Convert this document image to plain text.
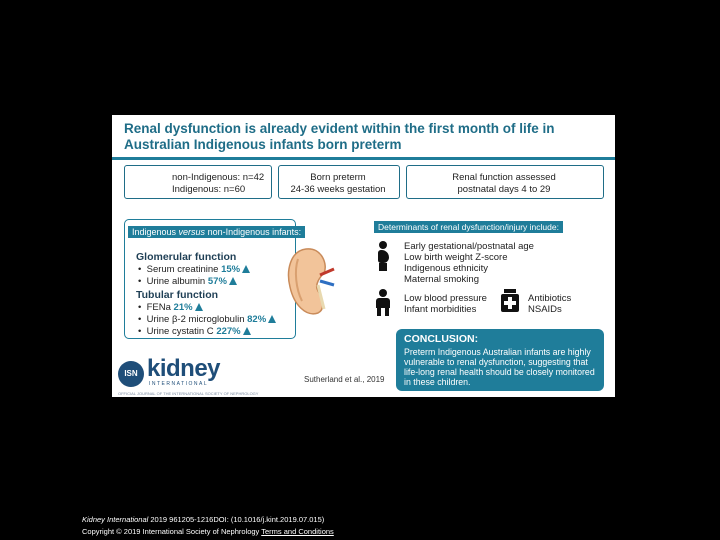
Renal dysfunction is already evident within the first month of life in Australian Indigenous infants born preterm
non-Indigenous: n=42
Indigenous: n=60
Born preterm
24-36 weeks gestation
Renal function assessed
postnatal days 4 to 29
Indigenous versus non-Indigenous infants:
Glomerular function
•  Serum creatinine 15%
•  Urine albumin 57%
Tubular function
•  FENa 21%
•  Urine β-2 microglobulin 82%
•  Urine cystatin C 227%
Determinants of renal dysfunction/injury include:
Early gestational/postnatal age
Low birth weight Z-score
Indigenous ethnicity
Maternal smoking
Low blood pressure
Infant morbidities
Antibiotics
NSAIDs
CONCLUSION:
Preterm Indigenous Australian infants are highly vulnerable to renal dysfunction, suggesting that life-long renal health should be closely monitored in these children.
ISN kidney
INTERNATIONAL
OFFICIAL JOURNAL OF THE INTERNATIONAL SOCIETY OF NEPHROLOGY
Sutherland et al., 2019
Kidney International 2019 961205-1216DOI: (10.1016/j.kint.2019.07.015)
Copyright © 2019 International Society of Nephrology Terms and Conditions
